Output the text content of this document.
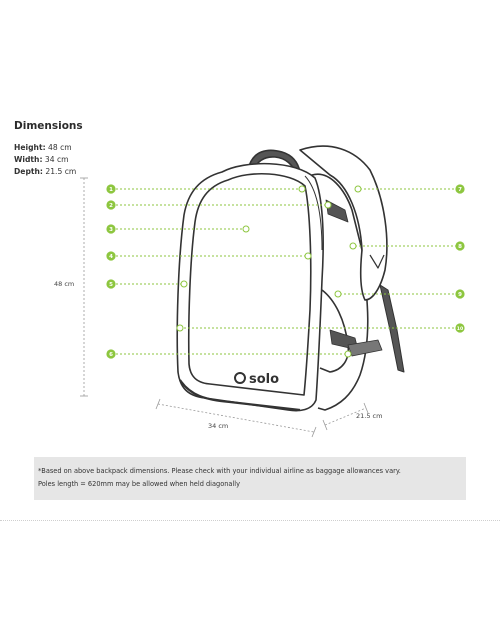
Dimensions
Height: 48 cm
Width: 34 cm
Depth: 21.5 cm
solo
1
2
3
4
5
6
7
8
9
10
48 cm
34 cm
21.5 cm
*Based on above backpack dimensions. Please check with your individual airline as baggage allowances vary.
Poles length = 620mm may be allowed when held diagonally
